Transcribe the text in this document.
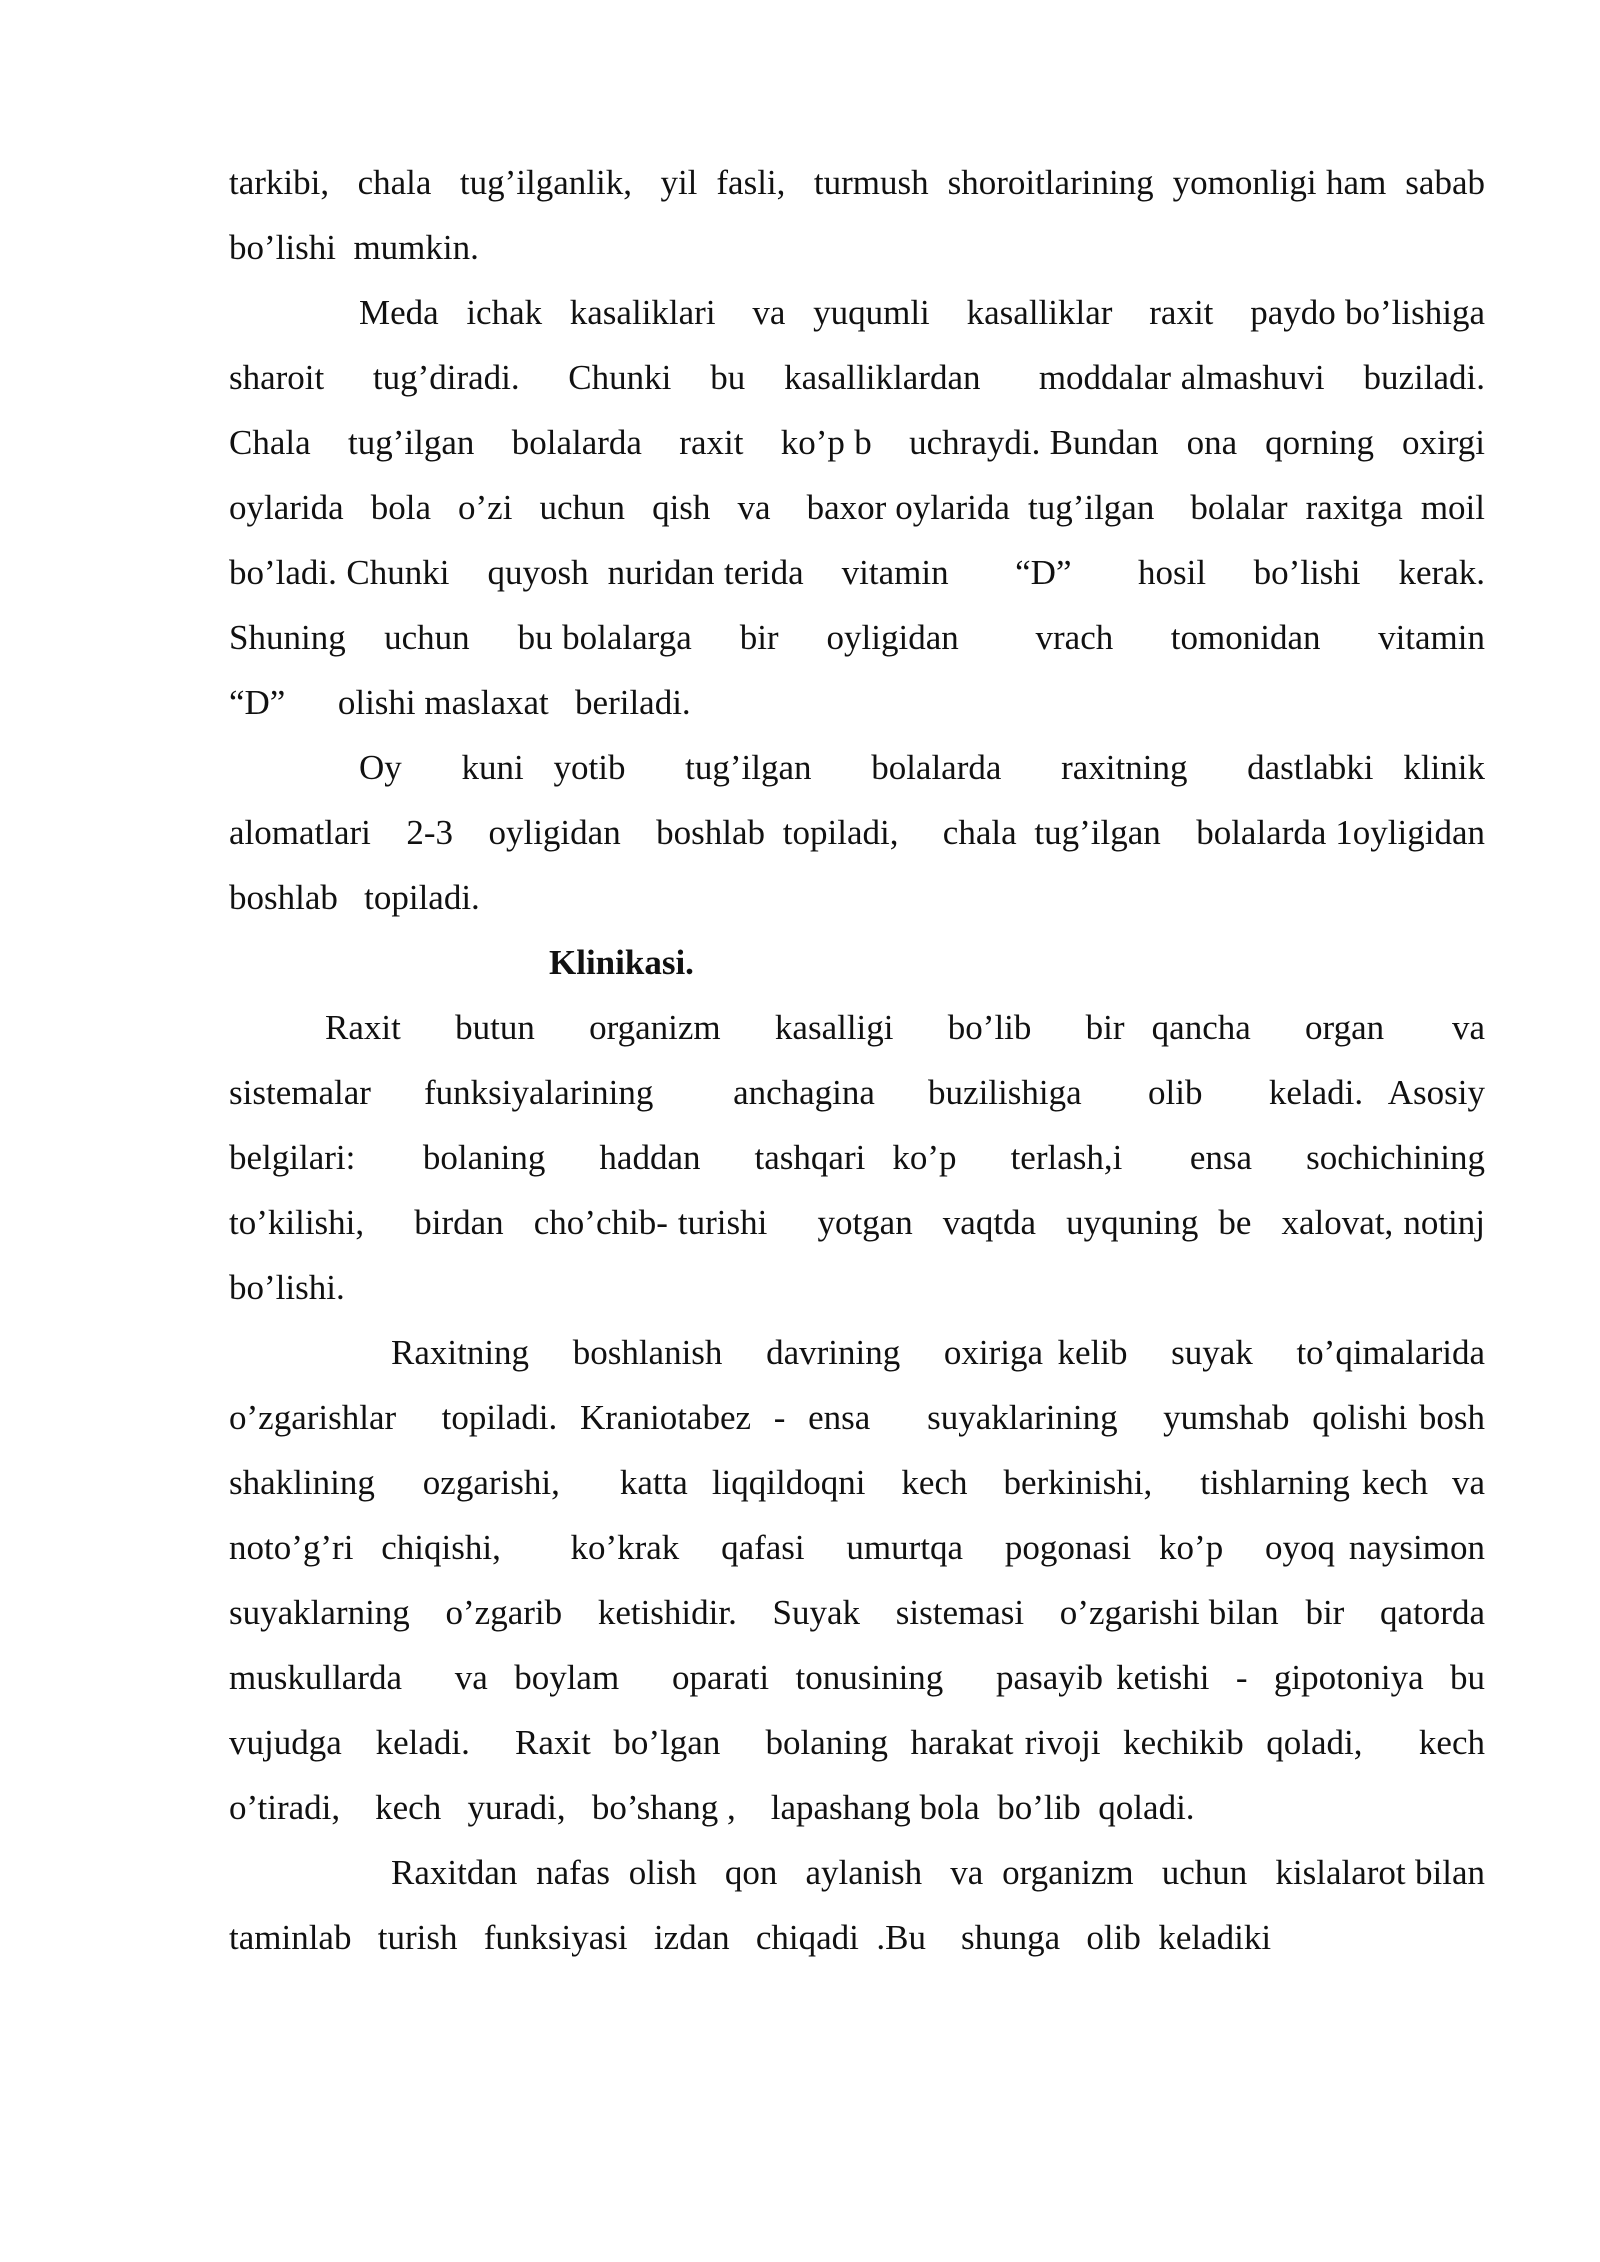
tarkibi,   chala   tug’ilganlik,   yil  fasli,   turmush  shoroitlarining  yomonligi ham  sabab  bo’lishi  mumkin.

Meda   ichak   kasaliklari    va   yuqumli    kasalliklar    raxit    paydo bo’lishiga     sharoit     tug’diradi.     Chunki    bu    kasalliklardan      moddalar almashuvi    buziladi.    Chala    tug’ilgan    bolalarda    raxit    ko’p b    uchraydi. Bundan   ona   qorning   oxirgi  oylarida   bola   o’zi   uchun   qish   va    baxor oylarida  tug’ilgan    bolalar  raxitga  moil     bo’ladi. Chunki    quyosh  nuridan terida    vitamin       “D”       hosil     bo’lishi    kerak.        Shuning    uchun     bu bolalarga     bir     oyligidan        vrach      tomonidan      vitamin       “D”      olishi maslaxat   beriladi.

Oy    kuni  yotib    tug’ilgan    bolalarda    raxitning    dastlabki  klinik alomatlari    2-3    oyligidan    boshlab  topiladi,     chala  tug’ilgan    bolalarda 1oyligidan   boshlab   topiladi.

Klinikasi.

Raxit    butun    organizm    kasalligi    bo’lib    bir  qancha    organ     va sistemalar    funksiyalarining      anchagina    buzilishiga     olib     keladi.  Asosiy belgilari:     bolaning    haddan    tashqari  ko’p    terlash,i     ensa    sochichining to’kilishi,     birdan   cho’chib- turishi     yotgan   vaqtda   uyquning  be   xalovat, notinj   bo’lishi.

Raxitning   boshlanish   davrining   oxiriga kelib   suyak   to’qimalarida o’zgarishlar    topiladi.  Kraniotabez  -  ensa     suyaklarining    yumshab  qolishi bosh  shaklining    ozgarishi,     katta  liqqildoqni   kech   berkinishi,    tishlarning kech  va   noto’g’ri  chiqishi,     ko’krak   qafasi   umurtqa   pogonasi  ko’p   oyoq naysimon    suyaklarning    o’zgarib    ketishidir.    Suyak    sistemasi    o’zgarishi bilan   bir    qatorda     muskullarda    va  boylam    oparati  tonusining    pasayib ketishi  -  gipotoniya  bu  vujudga   keladi.    Raxit  bo’lgan    bolaning  harakat rivoji  kechikib  qoladi,     kech  o’tiradi,    kech   yuradi,   bo’shang ,    lapashang bola  bo’lib  qoladi.

Raxitdan  nafas  olish   qon   aylanish   va  organizm   uchun   kislalarot bilan   taminlab   turish   funksiyasi   izdan   chiqadi  .Bu    shunga   olib  keladiki
